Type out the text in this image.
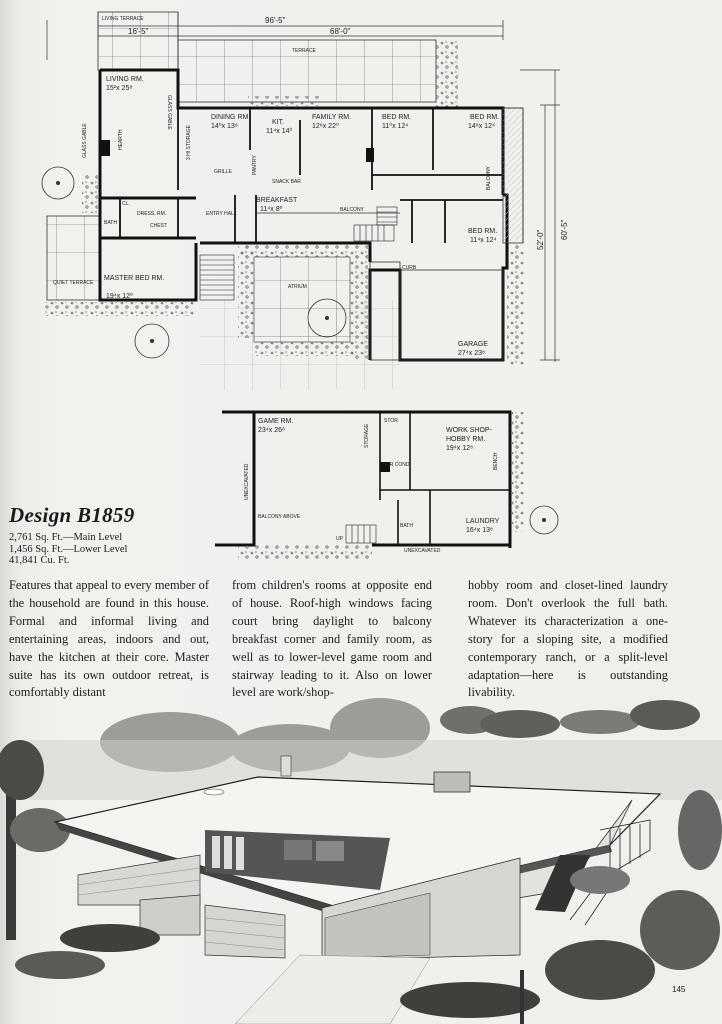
96'-5"
68'-0"
52'-0" 60'-5"
LIVING TERRACE
TERRACE
QUIET TERRACE
ATRIUM
LIVING RM.
15²x 25⁸
GLASS GABLE
GLASS GABLE	HEARTH
DINING RM.
14⁰x 13⁸
3 HI STORAGE
KIT.
11⁴x 14⁰
FAMILY RM.
12⁸x 22⁰
BED RM.
11⁰x 12⁴
BED RM.
14⁸x 12⁴
BALCONY
BREAKFAST
11⁴x 8⁰	BALCONY
BED RM.
11⁴x 12⁴
GRILLE
SNACK BAR
PANTRY
ENTRY HALL
BATH
DRESS. RM.
CHEST
CL.
MASTER BED RM.
19⁴x 12⁰
CURB
GARAGE
27⁴x 23⁸
GAME RM.
23⁴x 26⁸	STORAGE
STOR.
WORK SHOP-
HOBBY RM.
19⁴x 12⁸
AIR COND.
UNEXCAVATED
UNEXCAVATED
BALCONY ABOVE
LAUNDRY
16⁴x 13⁸
BATH
BENCH
UP
Design B1859
2,761 Sq. Ft.—Main Level
1,456 Sq. Ft.—Lower Level
41,841 Cu. Ft.
Features that appeal to every member of the household are found in this house. Formal and informal living and entertaining areas, indoors and out, have the kitchen at their core. Master suite has its own outdoor retreat, is comfortably distant
from children's rooms at opposite end of house. Roof-high windows facing court bring daylight to balcony breakfast corner and family room, as well as to lower-level game room and stairway leading to it. Also on lower level are work/shop-
hobby room and closet-lined laundry room. Don't overlook the full bath. Whatever its characterization a one-story for a sloping site, a modified contemporary ranch, or a split-level adaptation—here is outstanding livability.
145
